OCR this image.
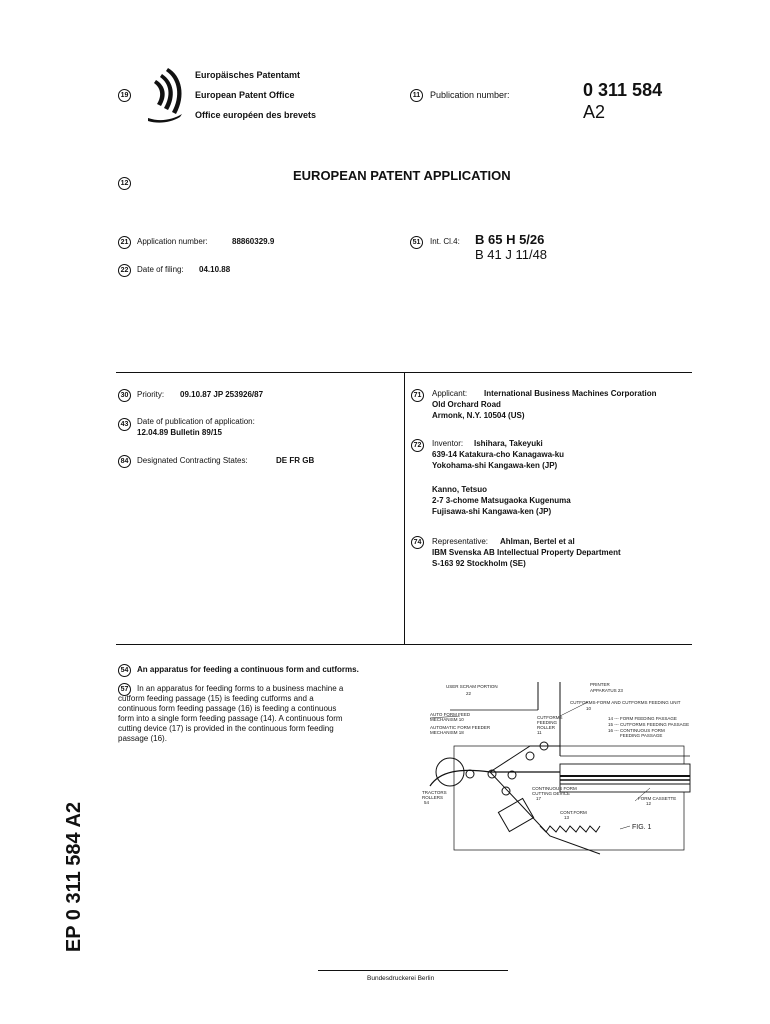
19
Europäisches Patentamt
European Patent Office
Office européen des brevets
11	Publication number:	0 311 584
A2
12
EUROPEAN PATENT APPLICATION
21	Application number:	88860329.9
22	Date of filing: 04.10.88
51	Int. Cl.4: B 65 H 5/26
B 41 J 11/48
30	Priority: 09.10.87 JP 253926/87
43	Date of publication of application:
12.04.89 Bulletin 89/15
84	Designated Contracting States:	DE FR GB
71	Applicant: International Business Machines Corporation
Old Orchard Road
Armonk, N.Y. 10504 (US)
72	Inventor: Ishihara, Takeyuki
639-14 Katakura-cho Kanagawa-ku
Yokohama-shi Kangawa-ken (JP)
Kanno, Tetsuo
2-7 3-chome Matsugaoka Kugenuma
Fujisawa-shi Kangawa-ken (JP)
74	Representative: Ahlman, Bertel et al
IBM Svenska AB Intellectual Property Department
S-163 92 Stockholm (SE)
54	An apparatus for feeding a continuous form and cutforms.
57	In an apparatus for feeding forms to a business machine a
cutform feeding passage (15) is feeding cutforms and a
continuous form feeding passage (16) is feeding a continuous
form into a single form feeding passage (14). A continuous form
cutting device (17) is provided in the continuous form feeding
passage (16).
USER SCRAM PORTION
22
PRINTER
APPARATUS 23
CUTFORMS-FORM AND CUTFORMS FEEDING UNIT
10
AUTO FORM FEED
MECHANISM 10
AUTOMATIC FORM FEEDER
MECHANISM 18
CUTFORMS
FEEDING
ROLLER
11
14 --- FORM FEEDING PASSAGE
15 --- CUTFORMS FEEDING PASSAGE
16 --- CONTINUOUS FORM
FEEDING PASSAGE
TRACTORS
ROLLERS
54
CONTINUOUS FORM
CUTTING DEVICE
17	FORM CASSETTE
12
CONT.FORM
13
FIG. 1
EP 0 311 584 A2
Bundesdruckerei Berlin
